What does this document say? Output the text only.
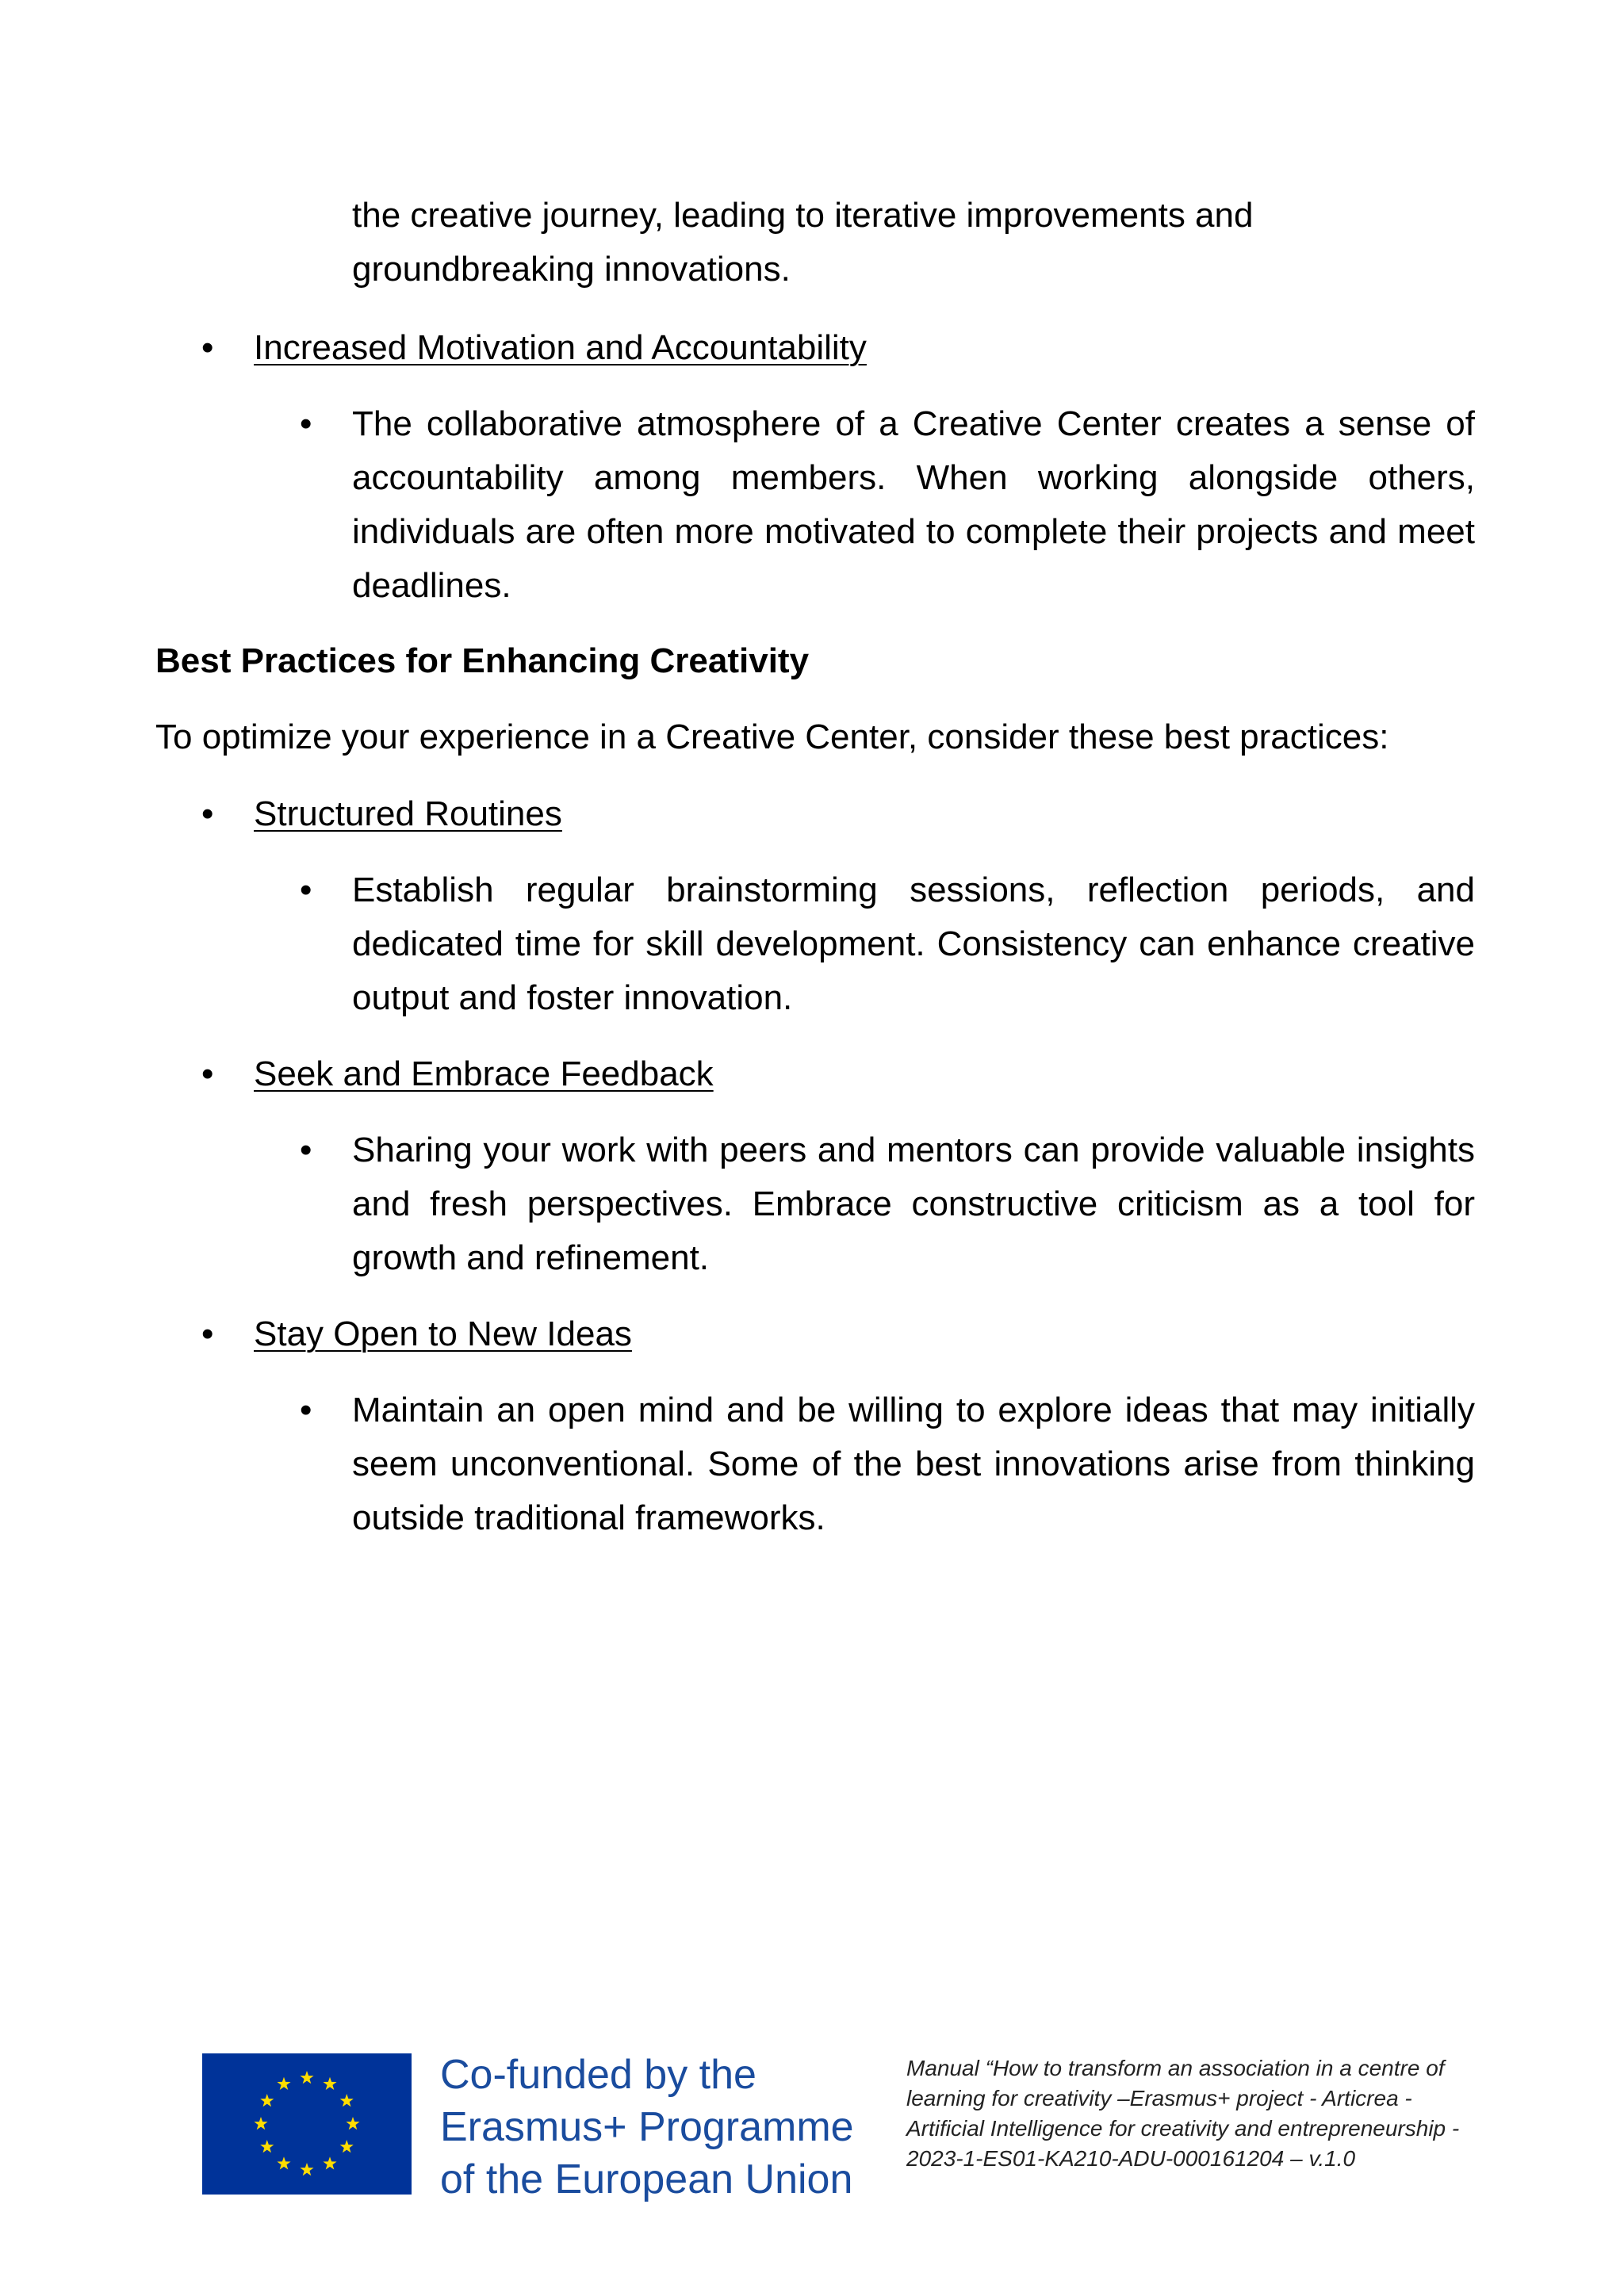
the creative journey, leading to iterative improvements and

groundbreaking innovations.

• Increased Motivation and Accountability
• The collaborative atmosphere of a Creative Center creates a sense of accountability among members. When working alongside others, individuals are often more motivated to complete their projects and meet deadlines.

Best Practices for Enhancing Creativity
To optimize your experience in a Creative Center, consider these best practices:
• Structured Routines
• Establish regular brainstorming sessions, reflection periods, and dedicated time for skill development. Consistency can enhance creative output and foster innovation.

• Seek and Embrace Feedback
• Sharing your work with peers and mentors can provide valuable insights and fresh perspectives. Embrace constructive criticism as a tool for growth and refinement.

• Stay Open to New Ideas
• Maintain an open mind and be willing to explore ideas that may initially seem unconventional. Some of the best innovations arise from thinking outside traditional frameworks.

Co-funded by the
Erasmus+ Programme
of the European Union
Manual “How to transform an association in a centre of learning for creativity –Erasmus+ project - Articrea - Artificial Intelligence for creativity and entrepreneurship - 2023-1-ES01-KA210-ADU-000161204 – v.1.0
